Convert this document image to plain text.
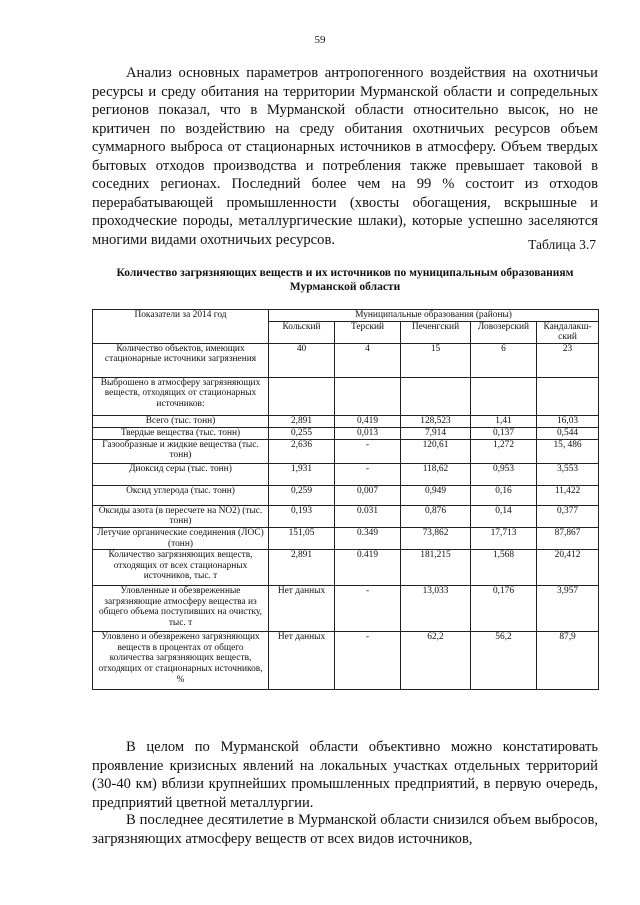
59

Анализ основных параметров антропогенного воздействия на охотничьи ресурсы и среду обитания на территории Мурманской области и сопредельных регионов показал, что в Мурманской области относительно высок, но не критичен по воздействию на среду обитания охотничьих ресурсов объем суммарного выброса от стационарных источников в атмосферу. Объем твердых бытовых отходов производства и потребления также превышает таковой в соседних регионах. Последний более чем на 99 % состоит из отходов перерабатывающей промышленности (хвосты обогащения, вскрышные и проходческие породы, металлургические шлаки), которые успешно заселяются многими видами охотничьих ресурсов.	Таблица 3.7
Количество загрязняющих веществ и их источников по муниципальным образованиям Мурманской области
Показатели за 2014 год	Муниципальные образования (районы)				
	Кольский	Терский	Печенгский	Ловозерский	Кандалакш-ский
Количество объектов, имеющих стационарные источники загрязнения	40	4	15	6	23
Выброшено в атмосферу загрязняющих веществ, отходящих от стационарных источников:					
Всего (тыс. тонн)	2,891	0,419	128,523	1,41	16,03
Твердые вещества (тыс. тонн)	0,255	0,013	7,914	0,137	0,544
Газообразные и жидкие вещества (тыс. тонн)	2,636	-	120,61	1,272	15, 486
Диоксид серы (тыс. тонн)	1,931	-	118,62	0,953	3,553
Оксид углерода (тыс. тонн)	0,259	0,007	0,949	0,16	11,422
Оксиды азота (в пересчете на NO2) (тыс. тонн)	0,193	0.031	0,876	0,14	0,377
Летучие органические соединения (ЛОС) (тонн)	151,05	0.349	73,862	17,713	87,867
Количество загрязняющих веществ, отходящих от всех стационарных источников, тыс. т	2,891	0.419	181,215	1,568	20,412
Уловленные и обезвреженные загрязняющие атмосферу вещества из общего объема поступивших на очистку, тыс. т	Нет данных	-	13,033	0,176	3,957
Уловлено и обезврежено загрязняющих веществ в процентах от общего количества загрязняющих веществ, отходящих от стационарных источников, %	Нет данных	-	62,2	56,2	87,9

В целом по Мурманской области объективно можно констатировать проявление кризисных явлений на локальных участках отдельных территорий (30-40 км) вблизи крупнейших промышленных предприятий, в первую очередь, предприятий цветной металлургии.

В последнее десятилетие в Мурманской области снизился объем выбросов, загрязняющих атмосферу веществ от всех видов источников,
